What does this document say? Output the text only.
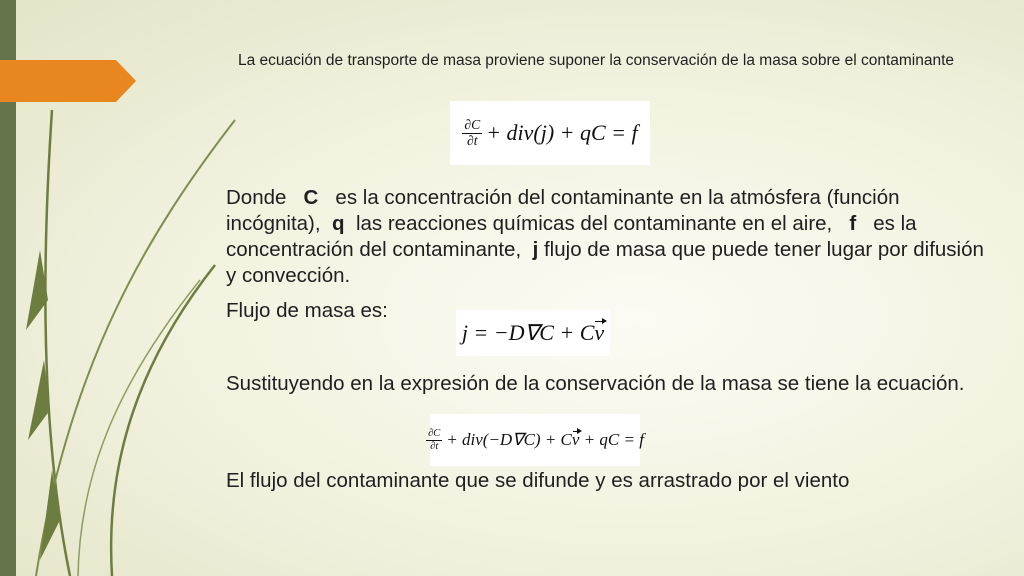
La ecuación de transporte de masa proviene suponer la conservación de la masa sobre el contaminante
$\frac{\partial C}{\partial t} + div(j)$ + qC = f
Donde C es la concentración del contaminante en la atmósfera (función incógnita), q las reacciones químicas del contaminante en el aire, f es la concentración del contaminante, j flujo de masa que puede tener lugar por difusión y convección.
Flujo de masa es:
j = −D∇C + C v
Sustituyendo en la expresión de la conservación de la masa se tiene la ecuación.
$\frac{\partial C}{\partial t} + div(-D\nabla C) + C$ v
+ qC = f
El flujo del contaminante que se difunde y es arrastrado por el viento
